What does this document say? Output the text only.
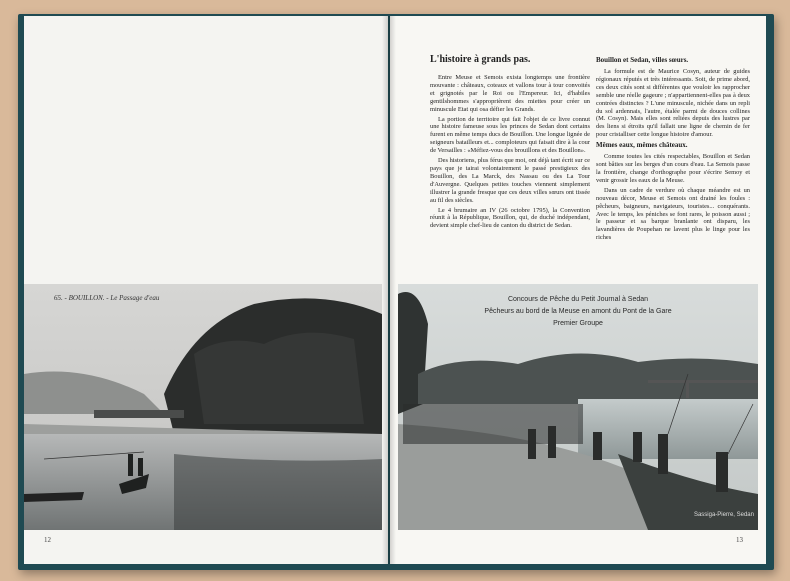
L'histoire à grands pas.

Entre Meuse et Semois exista longtemps une frontière mouvante : châteaux, coteaux et vallons tour à tour convoités et grignotés par le Roi ou l'Empereur. Ici, d'habiles gentilshommes s'approprièrent des miettes pour créer un minuscule Etat qui osa défier les Grands.

La portion de territoire qui fait l'objet de ce livre connut une histoire fameuse sous les princes de Sedan dont certains furent en même temps ducs de Bouillon. Une longue lignée de seigneurs batailleurs et... comploteurs qui faisait dire à la cour de Versailles : «Méfiez-vous des brouillons et des Bouillon».

Des historiens, plus férus que moi, ont déjà tant écrit sur ce pays que je tairai volontairement le passé prestigieux des Bouillon, des La Marck, des Nassau ou des La Tour d'Auvergne. Quelques petites touches viennent simplement illustrer la grande fresque que ces deux villes sœurs ont tissée au fil des siècles.

Le 4 brumaire an IV (26 octobre 1795), la Convention réunit à la République, Bouillon, qui, de duché indépendant, devient simple chef-lieu de canton du district de Sedan.

Bouillon et Sedan, villes sœurs.

La formule est de Maurice Cosyn, auteur de guides régionaux réputés et très intéressants. Soit, de prime abord, ces deux cités sont si différentes que vouloir les rapprocher semble une réelle gageure ; n'appartiennent-elles pas à deux contrées distinctes ? L'une minuscule, nichée dans un repli du sol ardennais, l'autre, étalée parmi de douces collines (M. Cosyn). Mais elles sont reliées depuis des lustres par des liens si étroits qu'il fallait une ligne de chemin de fer pour cristalliser cette longue histoire d'amour.

Mêmes eaux, mêmes châteaux.

Comme toutes les cités respectables, Bouillon et Sedan sont bâties sur les berges d'un cours d'eau. La Semois passe la frontière, change d'orthographe pour s'écrire Semoy et venir grossir les eaux de la Meuse.

Dans un cadre de verdure où chaque méandre est un nouveau décor, Meuse et Semois ont drainé les foules : pêcheurs, baigneurs, navigateurs, touristes... conquérants. Avec le temps, les péniches se font rares, le poisson aussi ; le passeur et sa barque branlante ont disparu, les lavandières de Poupehan ne lavent plus le linge pour les riches

65. - BOUILLON. - Le Passage d'eau	Concours de Pêche du Petit Journal à Sedan
Pêcheurs au bord de la Meuse en amont du Pont de la Gare
Premier Groupe
Sassiga-Pierre, Sedan
12	13
